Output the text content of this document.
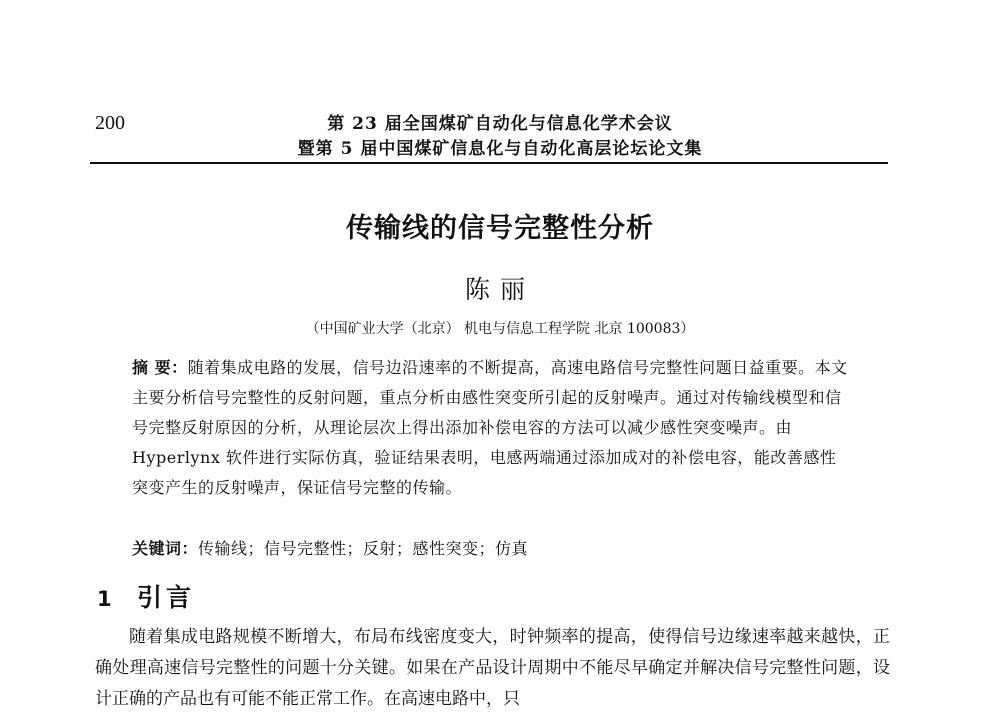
200	第 23 届全国煤矿自动化与信息化学术会议
暨第 5 届中国煤矿信息化与自动化高层论坛论文集
传输线的信号完整性分析
陈丽
（中国矿业大学（北京） 机电与信息工程学院 北京 100083）
摘 要：随着集成电路的发展，信号边沿速率的不断提高，高速电路信号完整性问题日益重要。本文主要分析信号完整性的反射问题，重点分析由感性突变所引起的反射噪声。通过对传输线模型和信号完整反射原因的分析，从理论层次上得出添加补偿电容的方法可以减少感性突变噪声。由 Hyperlynx 软件进行实际仿真，验证结果表明，电感两端通过添加成对的补偿电容，能改善感性突变产生的反射噪声，保证信号完整的传输。
关键词：传输线；信号完整性；反射；感性突变；仿真
1 引言

随着集成电路规模不断增大，布局布线密度变大，时钟频率的提高，使得信号边缘速率越来越快，正确处理高速信号完整性的问题十分关键。如果在产品设计周期中不能尽早确定并解决信号完整性问题，设计正确的产品也有可能不能正常工作。在高速电路中，只
